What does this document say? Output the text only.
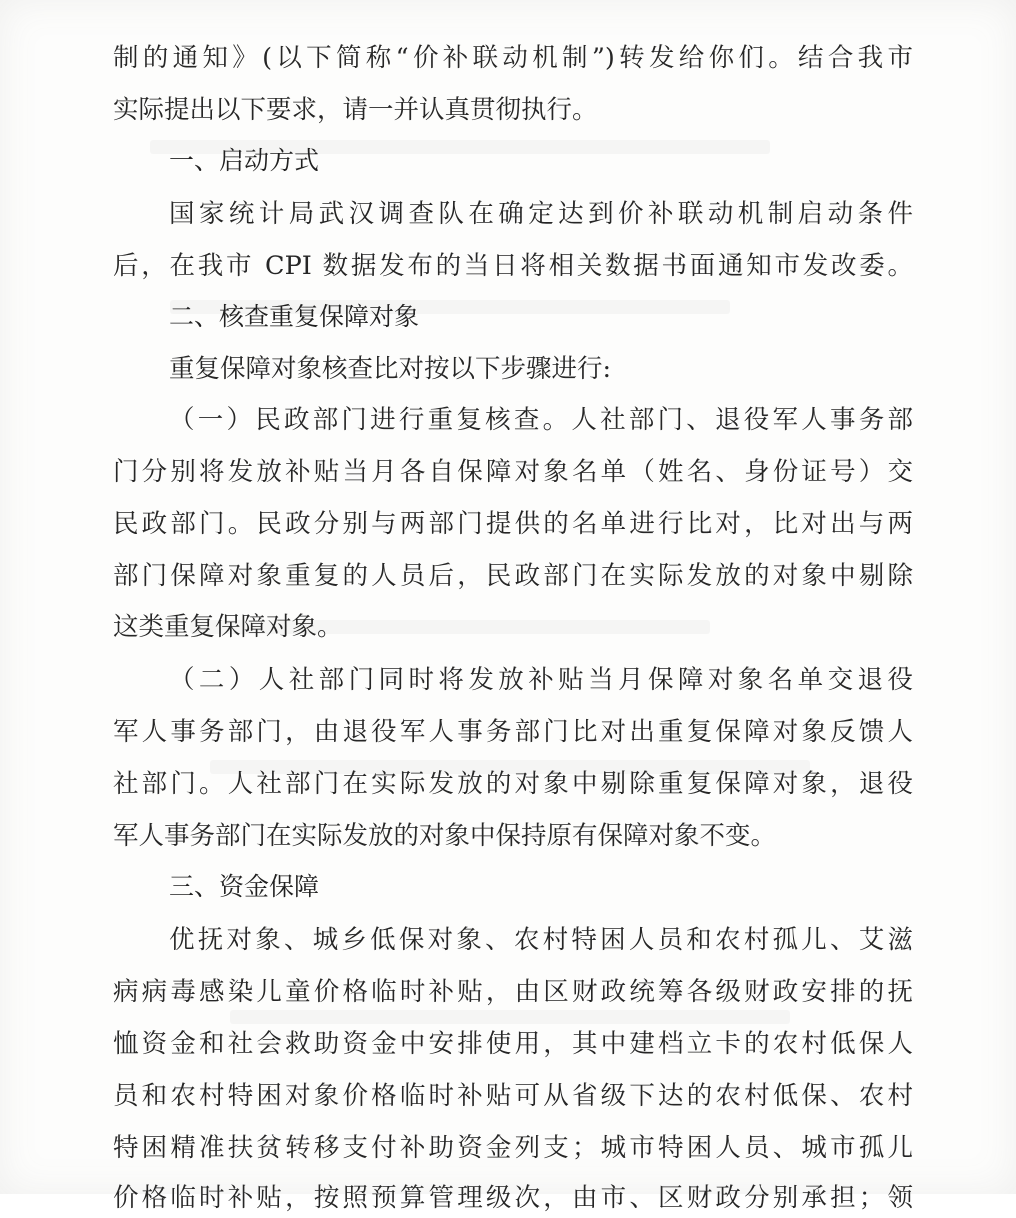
制的通知》(以下简称“价补联动机制”)转发给你们。结合我市
实际提出以下要求，请一并认真贯彻执行。
一、启动方式
国家统计局武汉调查队在确定达到价补联动机制启动条件
后，在我市 CPI 数据发布的当日将相关数据书面通知市发改委。
二、核查重复保障对象
重复保障对象核查比对按以下步骤进行:
（一）民政部门进行重复核查。人社部门、退役军人事务部
门分别将发放补贴当月各自保障对象名单（姓名、身份证号）交
民政部门。民政分别与两部门提供的名单进行比对，比对出与两
部门保障对象重复的人员后，民政部门在实际发放的对象中剔除
这类重复保障对象。
（二）人社部门同时将发放补贴当月保障对象名单交退役
军人事务部门，由退役军人事务部门比对出重复保障对象反馈人
社部门。人社部门在实际发放的对象中剔除重复保障对象，退役
军人事务部门在实际发放的对象中保持原有保障对象不变。
三、资金保障
优抚对象、城乡低保对象、农村特困人员和农村孤儿、艾滋
病病毒感染儿童价格临时补贴，由区财政统筹各级财政安排的抚
恤资金和社会救助资金中安排使用，其中建档立卡的农村低保人
员和农村特困对象价格临时补贴可从省级下达的农村低保、农村
特困精准扶贫转移支付补助资金列支；城市特困人员、城市孤儿
价格临时补贴，按照预算管理级次，由市、区财政分别承担；领
